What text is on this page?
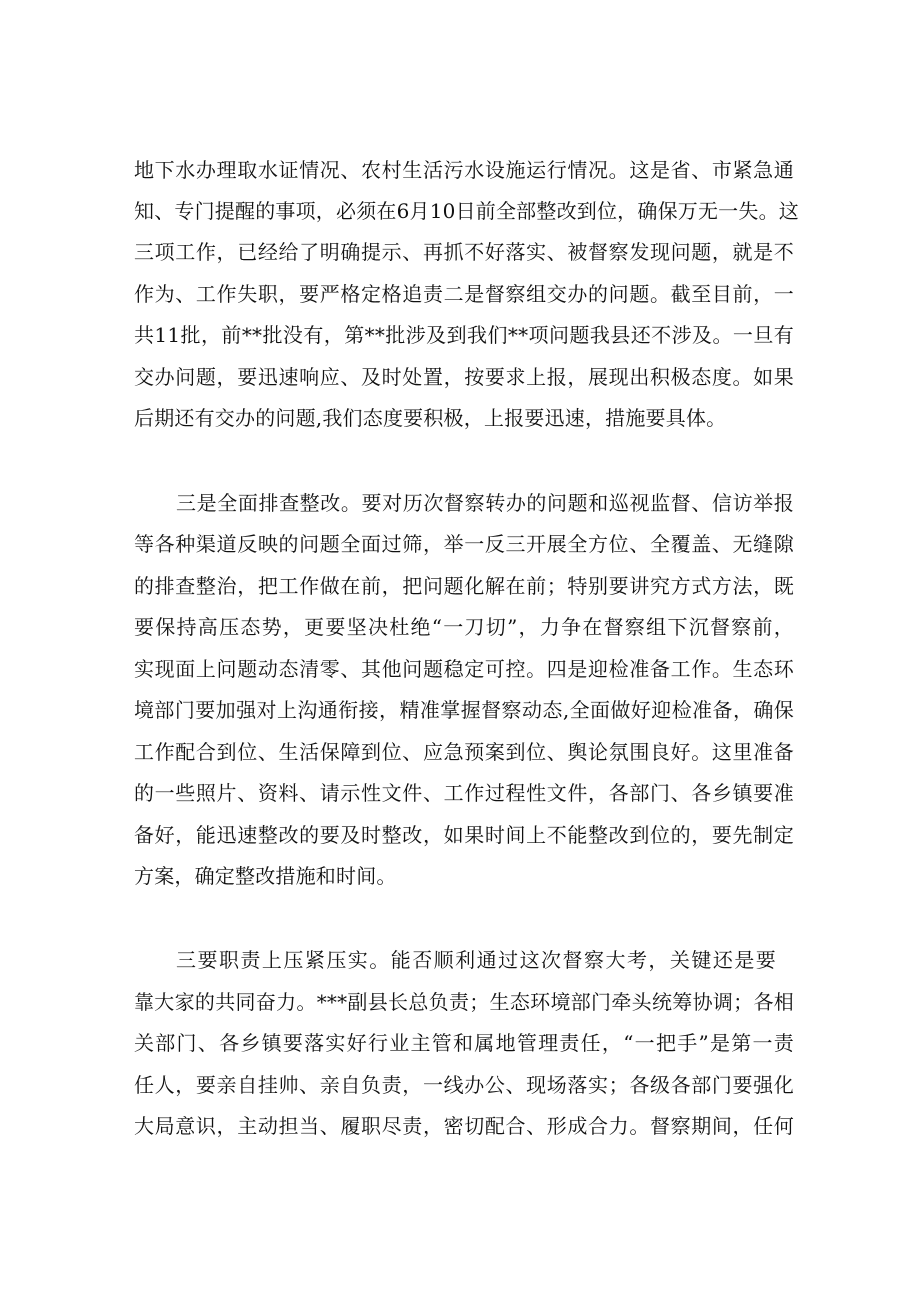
地下水办理取水证情况、农村生活污水设施运行情况。这是省、市紧急通
知、专门提醒的事项，必须在6月10日前全部整改到位，确保万无一失。这
三项工作，已经给了明确提示、再抓不好落实、被督察发现问题，就是不
作为、工作失职，要严格定格追责二是督察组交办的问题。截至目前，一
共11批，前**批没有，第**批涉及到我们**项问题我县还不涉及。一旦有
交办问题，要迅速响应、及时处置，按要求上报，展现出积极态度。如果
后期还有交办的问题,我们态度要积极，上报要迅速，措施要具体。
三是全面排查整改。要对历次督察转办的问题和巡视监督、信访举报
等各种渠道反映的问题全面过筛，举一反三开展全方位、全覆盖、无缝隙
的排查整治，把工作做在前，把问题化解在前；特别要讲究方式方法，既
要保持高压态势，更要坚决杜绝“一刀切”，力争在督察组下沉督察前，
实现面上问题动态清零、其他问题稳定可控。四是迎检准备工作。生态环
境部门要加强对上沟通衔接，精准掌握督察动态,全面做好迎检准备，确保
工作配合到位、生活保障到位、应急预案到位、舆论氛围良好。这里准备
的一些照片、资料、请示性文件、工作过程性文件，各部门、各乡镇要准
备好，能迅速整改的要及时整改，如果时间上不能整改到位的，要先制定
方案，确定整改措施和时间。
三要职责上压紧压实。能否顺利通过这次督察大考，关键还是要
靠大家的共同奋力。***副县长总负责；生态环境部门牵头统筹协调；各相
关部门、各乡镇要落实好行业主管和属地管理责任，“一把手”是第一责
任人，要亲自挂帅、亲自负责，一线办公、现场落实；各级各部门要强化
大局意识，主动担当、履职尽责，密切配合、形成合力。督察期间，任何
